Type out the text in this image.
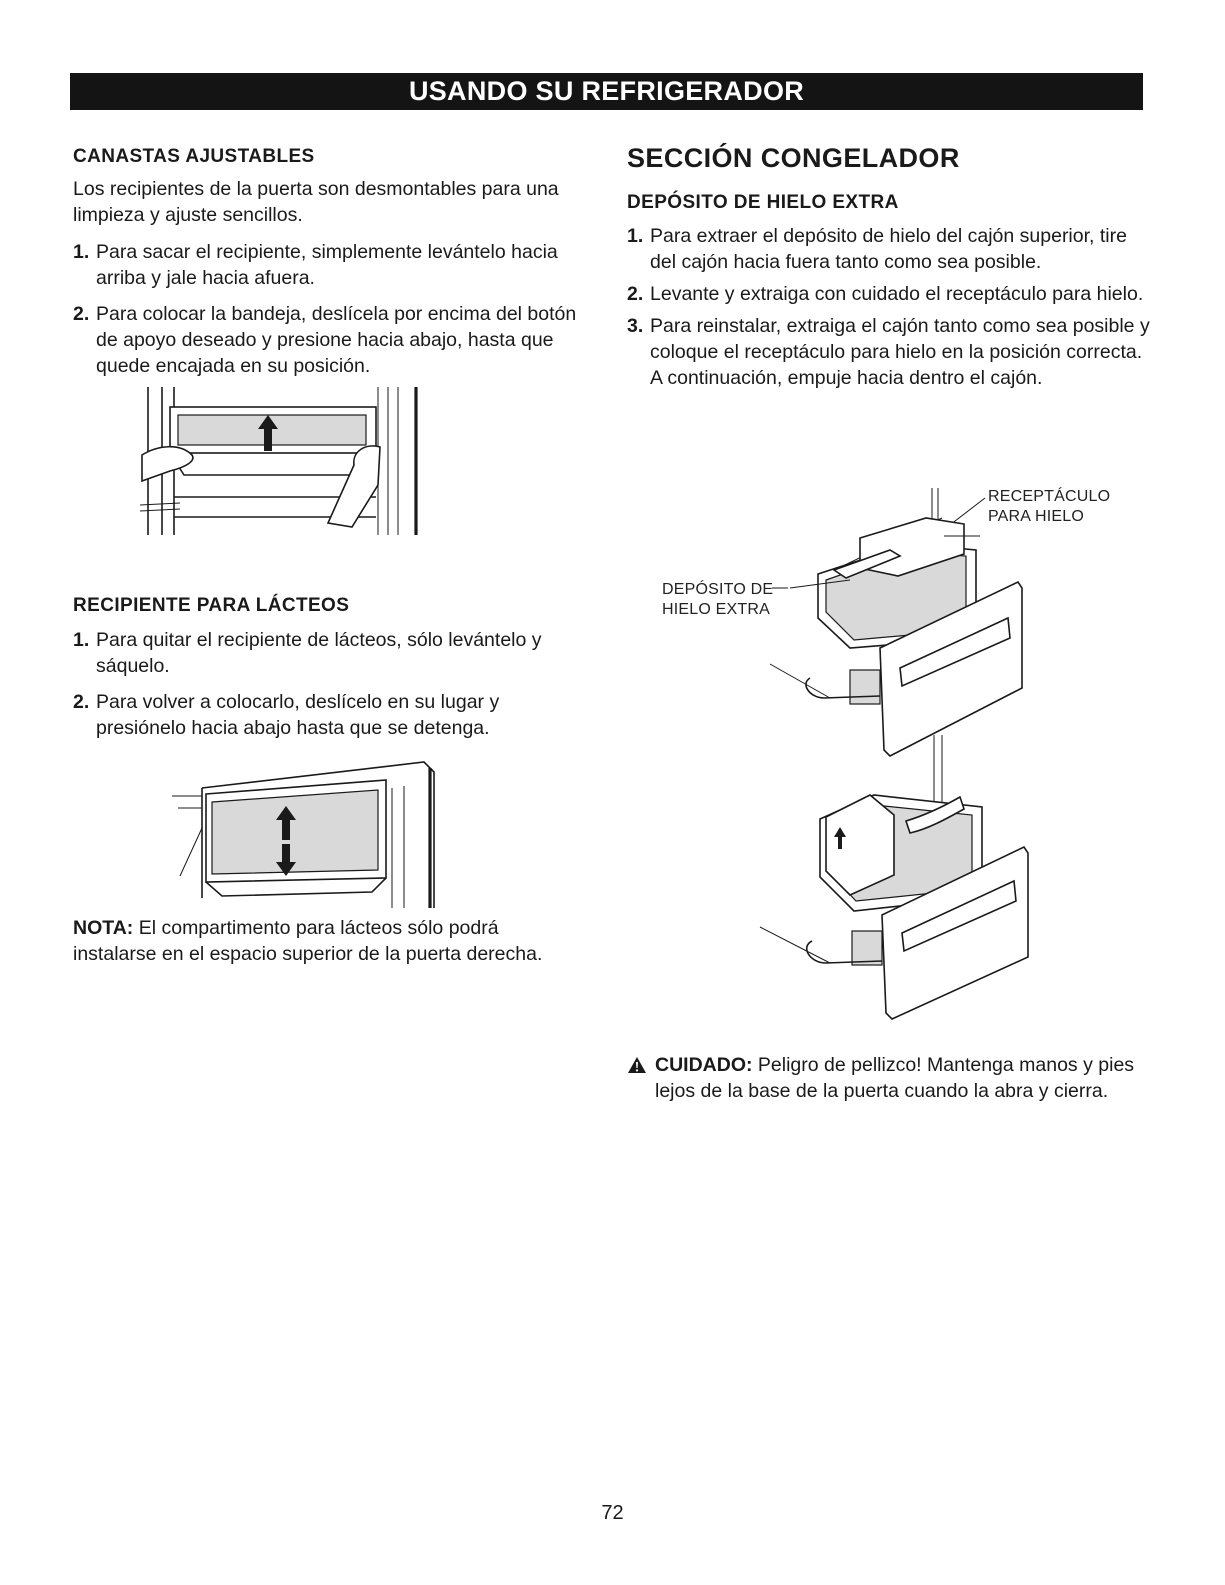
USANDO SU REFRIGERADOR
CANASTAS AJUSTABLES

Los recipientes de la puerta son desmontables para una limpieza y ajuste sencillos.

1. Para sacar el recipiente, simplemente levántelo hacia arriba y jale hacia afuera.
2. Para colocar la bandeja, deslícela por encima del botón de apoyo deseado y presione hacia abajo, hasta que quede encajada en su posición.
RECIPIENTE PARA LÁCTEOS
1. Para quitar el recipiente de lácteos, sólo levántelo y sáquelo.
2. Para volver a colocarlo, deslícelo en su lugar y presiónelo hacia abajo hasta que se detenga.

NOTA: El compartimento para lácteos sólo podrá instalarse en el espacio superior de la puerta derecha.

SECCIÓN CONGELADOR
DEPÓSITO DE HIELO EXTRA
1. Para extraer el depósito de hielo del cajón superior, tire del cajón hacia fuera tanto como sea posible.
2. Levante y extraiga con cuidado el receptáculo para hielo.
3. Para reinstalar, extraiga el cajón tanto como sea posible y coloque el receptáculo para hielo en la posición correcta. A continuación, empuje hacia dentro el cajón.
RECEPTÁCULO
PARA HIELO
DEPÓSITO DE
HIELO EXTRA

CUIDADO: Peligro de pellizco! Mantenga manos y pies lejos de la base de la puerta cuando la abra y cierra.

72
